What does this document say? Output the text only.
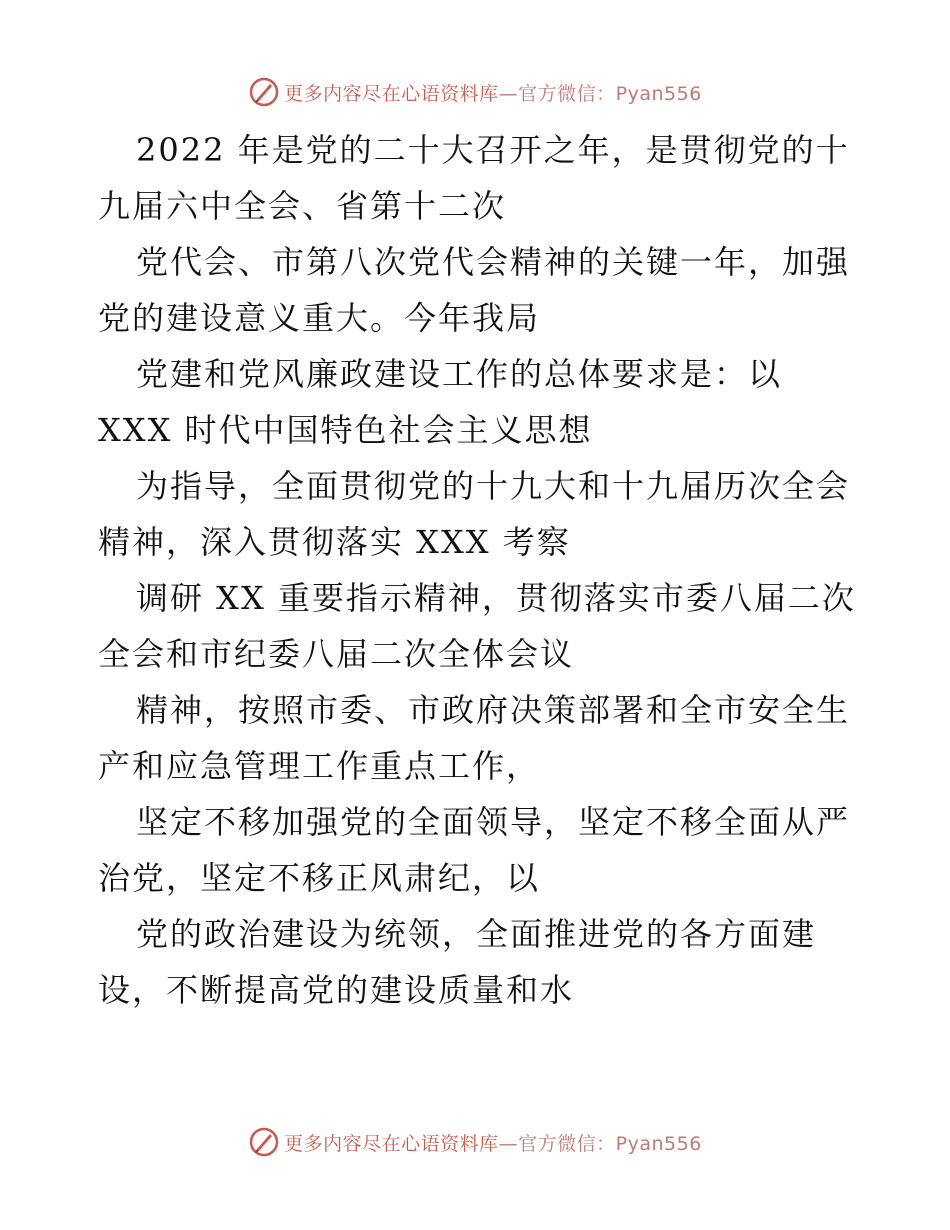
更多内容尽在心语资料库—官方微信：Pyan556

2022 年是党的二十大召开之年，是贯彻党的十九届六中全会、省第十二次

党代会、市第八次党代会精神的关键一年，加强党的建设意义重大。今年我局

党建和党风廉政建设工作的总体要求是：以 XXX 时代中国特色社会主义思想

为指导，全面贯彻党的十九大和十九届历次全会精神，深入贯彻落实 XXX 考察

调研 XX 重要指示精神，贯彻落实市委八届二次全会和市纪委八届二次全体会议

精神，按照市委、市政府决策部署和全市安全生产和应急管理工作重点工作，

坚定不移加强党的全面领导，坚定不移全面从严治党，坚定不移正风肃纪，以

党的政治建设为统领，全面推进党的各方面建设，不断提高党的建设质量和水

更多内容尽在心语资料库—官方微信：Pyan556
